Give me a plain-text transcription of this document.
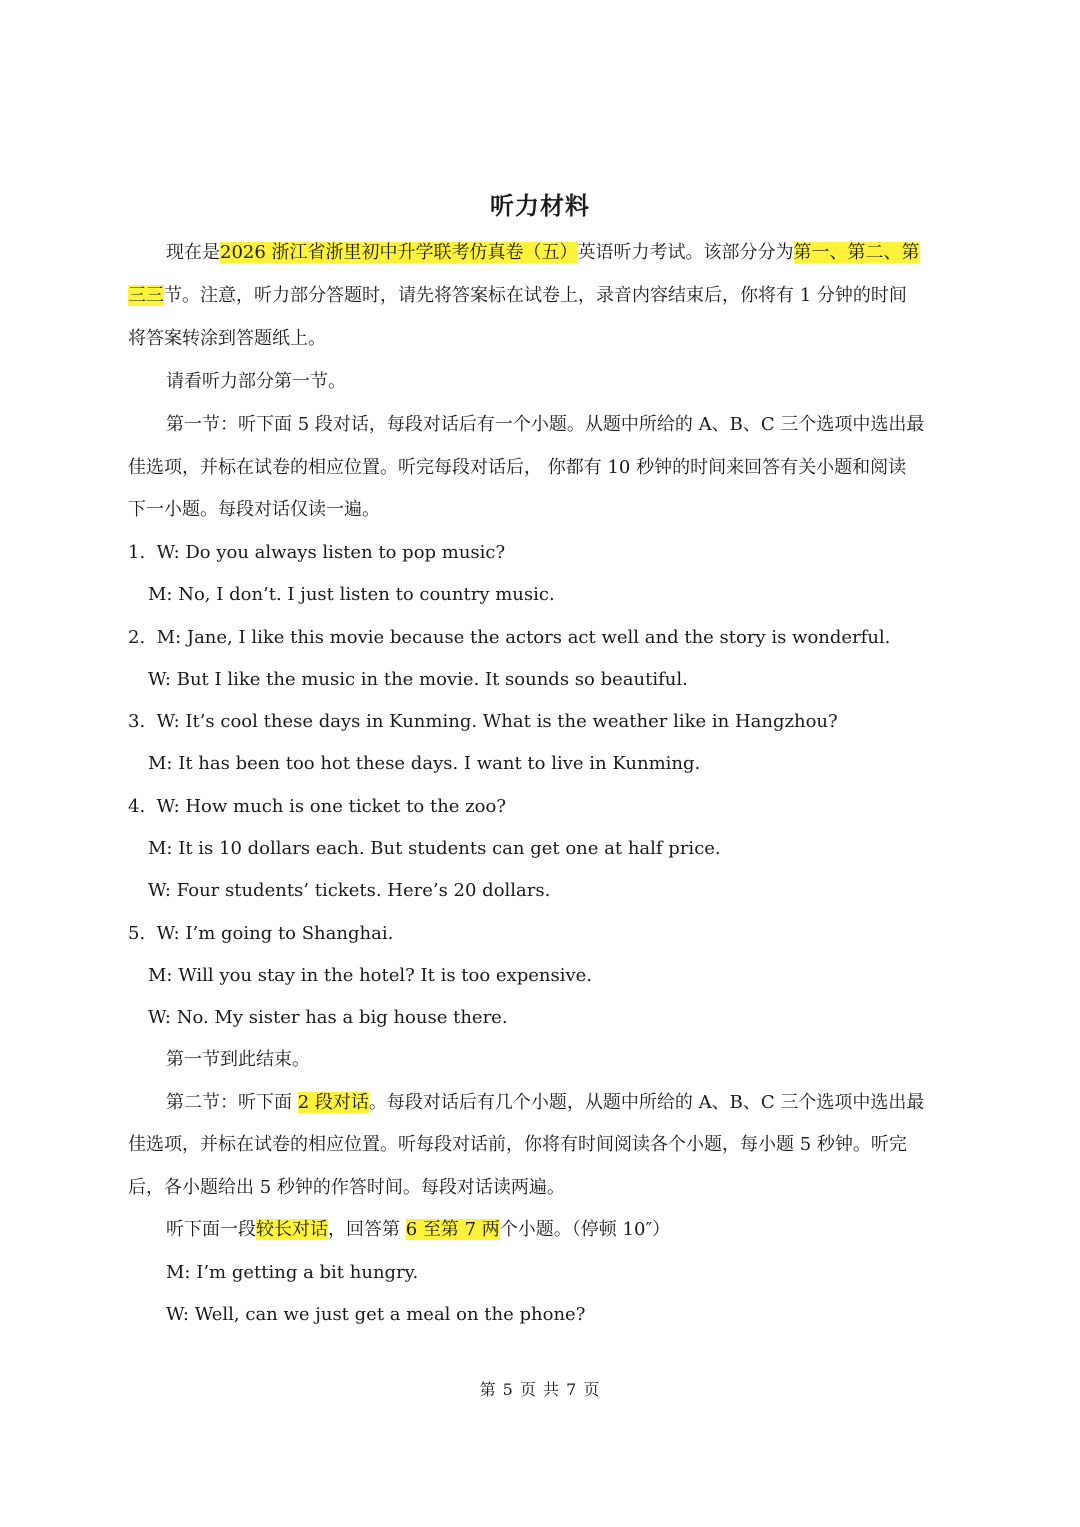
听力材料
现在是2026 浙江省浙里初中升学联考仿真卷（五）英语听力考试。该部分分为第一、第二、第
三三节。注意，听力部分答题时，请先将答案标在试卷上，录音内容结束后，你将有 1 分钟的时间
将答案转涂到答题纸上。
请看听力部分第一节。
第一节：听下面 5 段对话，每段对话后有一个小题。从题中所给的 A、B、C 三个选项中选出最
佳选项，并标在试卷的相应位置。听完每段对话后， 你都有 10 秒钟的时间来回答有关小题和阅读
下一小题。每段对话仅读一遍。
1. W: Do you always listen to pop music?
M: No, I don’t. I just listen to country music.
2. M: Jane, I like this movie because the actors act well and the story is wonderful.
W: But I like the music in the movie. It sounds so beautiful.
3. W: It’s cool these days in Kunming. What is the weather like in Hangzhou?
M: It has been too hot these days. I want to live in Kunming.
4. W: How much is one ticket to the zoo?
M: It is 10 dollars each. But students can get one at half price.
W: Four students’ tickets. Here’s 20 dollars.
5. W: I’m going to Shanghai.
M: Will you stay in the hotel? It is too expensive.
W: No. My sister has a big house there.
第一节到此结束。
第二节：听下面 2 段对话。每段对话后有几个小题，从题中所给的 A、B、C 三个选项中选出最
佳选项，并标在试卷的相应位置。听每段对话前，你将有时间阅读各个小题，每小题 5 秒钟。听完
后，各小题给出 5 秒钟的作答时间。每段对话读两遍。
听下面一段较长对话，回答第 6 至第 7 两个小题。（停顿 10″）
M: I’m getting a bit hungry.
W: Well, can we just get a meal on the phone?
第 5 页 共 7 页
